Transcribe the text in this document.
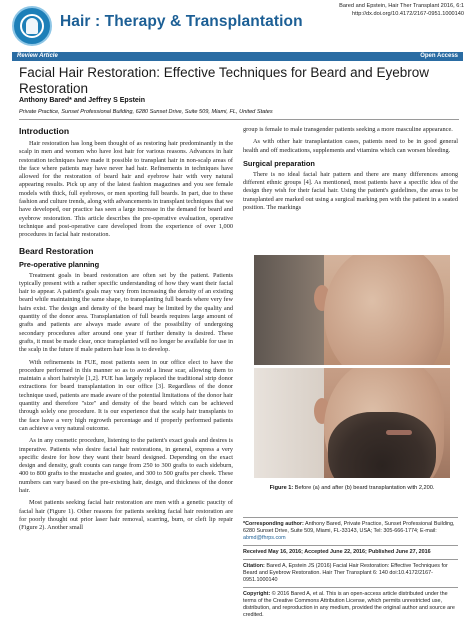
Hair : Therapy & Transplantation
Bared and Epstein, Hair Ther Transplant 2016, 6:1
http://dx.doi.org/10.4172/2167-0951.1000140
Review Article	Open Access
Facial Hair Restoration: Effective Techniques for Beard and Eyebrow Restoration
Anthony Bared* and Jeffrey S Epstein
Private Practice, Sunset Professional Building, 6280 Sunset Drive, Suite 509, Miami, FL, United States
Introduction

Hair restoration has long been thought of as restoring hair predominantly in the scalp in men and women who have lost hair for various reasons. Advances in hair restoration techniques have made it possible to transplant hair in non-scalp areas of the face where patients may have never had hair. Refinements in techniques have allowed for the restoration of beard hair and eyebrow hair with very natural appearing results. Pick up any of the latest fashion magazines and you see female models with thick, full eyebrows, or men sporting full beards. In part, due to these fashion and culture trends, along with advancements in transplant techniques that we have developed, our practice has seen a large increase in the demand for beard and eyebrow restoration. This article describes the pre-operative evaluation, operative technique and post-operative care developed from the experience of over 1,000 procedures in facial hair restoration.

Beard Restoration
Pre-operative planning

Treatment goals in beard restoration are often set by the patient. Patients typically present with a rather specific understanding of how they want their facial hair to appear. A patient's goals may vary from increasing the density of an existing beard while maintaining the same shape, to transplanting full beards where very few hairs exist. The design and density of the beard may be limited by the quality and quantity of the donor area. Transplantation of full beards requires large amount of grafts and patients are always made aware of the possibility of undergoing secondary procedures after around one year if further density is desired. These grafts, it must be made clear, once transplanted will no longer be available for use in the scalp in the future if male pattern hair loss is to develop.

With refinements in FUE, most patients seen in our office elect to have the procedure performed in this manner so as to avoid a linear scar, allowing them to maintain a short hairstyle [1,2]. FUE has largely replaced the traditional strip donor extractions for beard transplantation in our office [3]. Regardless of the donor technique used, patients are made aware of the potential limitations of the donor hair quantity and therefore "size" and density of the beard which can be achieved through solely one procedure. It is our experience that the scalp hair transplants to the face have a very high regrowth percentage and if properly performed patients can achieve a very natural outcome.

As in any cosmetic procedure, listening to the patient's exact goals and desires is imperative. Patients who desire facial hair restorations, in general, express a very specific desire for how they want their beard designed. Depending on the exact design and density, graft counts can range from 250 to 300 grafts to each sideburn, 400 to 800 grafts to the mustache and goatee, and 300 to 500 grafts per cheek. These numbers can vary based on the pre-existing hair, design, and thickness of the donor hair.

Most patients seeking facial hair restoration are men with a genetic paucity of facial hair (Figure 1). Other reasons for patients seeking facial hair restoration are for poorly thought out prior laser hair removal, scarring, burn, or cleft lip repair (Figure 2). Another small

group is female to male transgender patients seeking a more masculine appearance.

As with other hair transplantation cases, patients need to be in good general health and off medications, supplements and vitamins which can worsen bleeding.

Surgical preparation

There is no ideal facial hair pattern and there are many differences among different ethnic groups [4]. As mentioned, most patients have a specific idea of the design they wish for their facial hair. Using the patient's guidelines, the areas to be transplanted are marked out using a surgical marking pen with the patient in a seated position. The markings

Figure 1: Before (a) and after (b) beard transplantation with 2,200.
*Corresponding author: Anthony Bared, Private Practice, Sunset Professional Building, 6280 Sunset Drive, Suite 509, Miami, FL-33143, USA; Tel: 305-666-1774; E-mail: abmd@fhrps.com
Received May 16, 2016; Accepted June 22, 2016; Published June 27, 2016
Citation: Bared A, Epstein JS (2016) Facial Hair Restoration: Effective Techniques for Beard and Eyebrow Restoration. Hair Ther Transplant 6: 140 doi:10.4172/2167-0951.1000140
Copyright: © 2016 Bared A, et al. This is an open-access article distributed under the terms of the Creative Commons Attribution License, which permits unrestricted use, distribution, and reproduction in any medium, provided the original author and source are credited.
